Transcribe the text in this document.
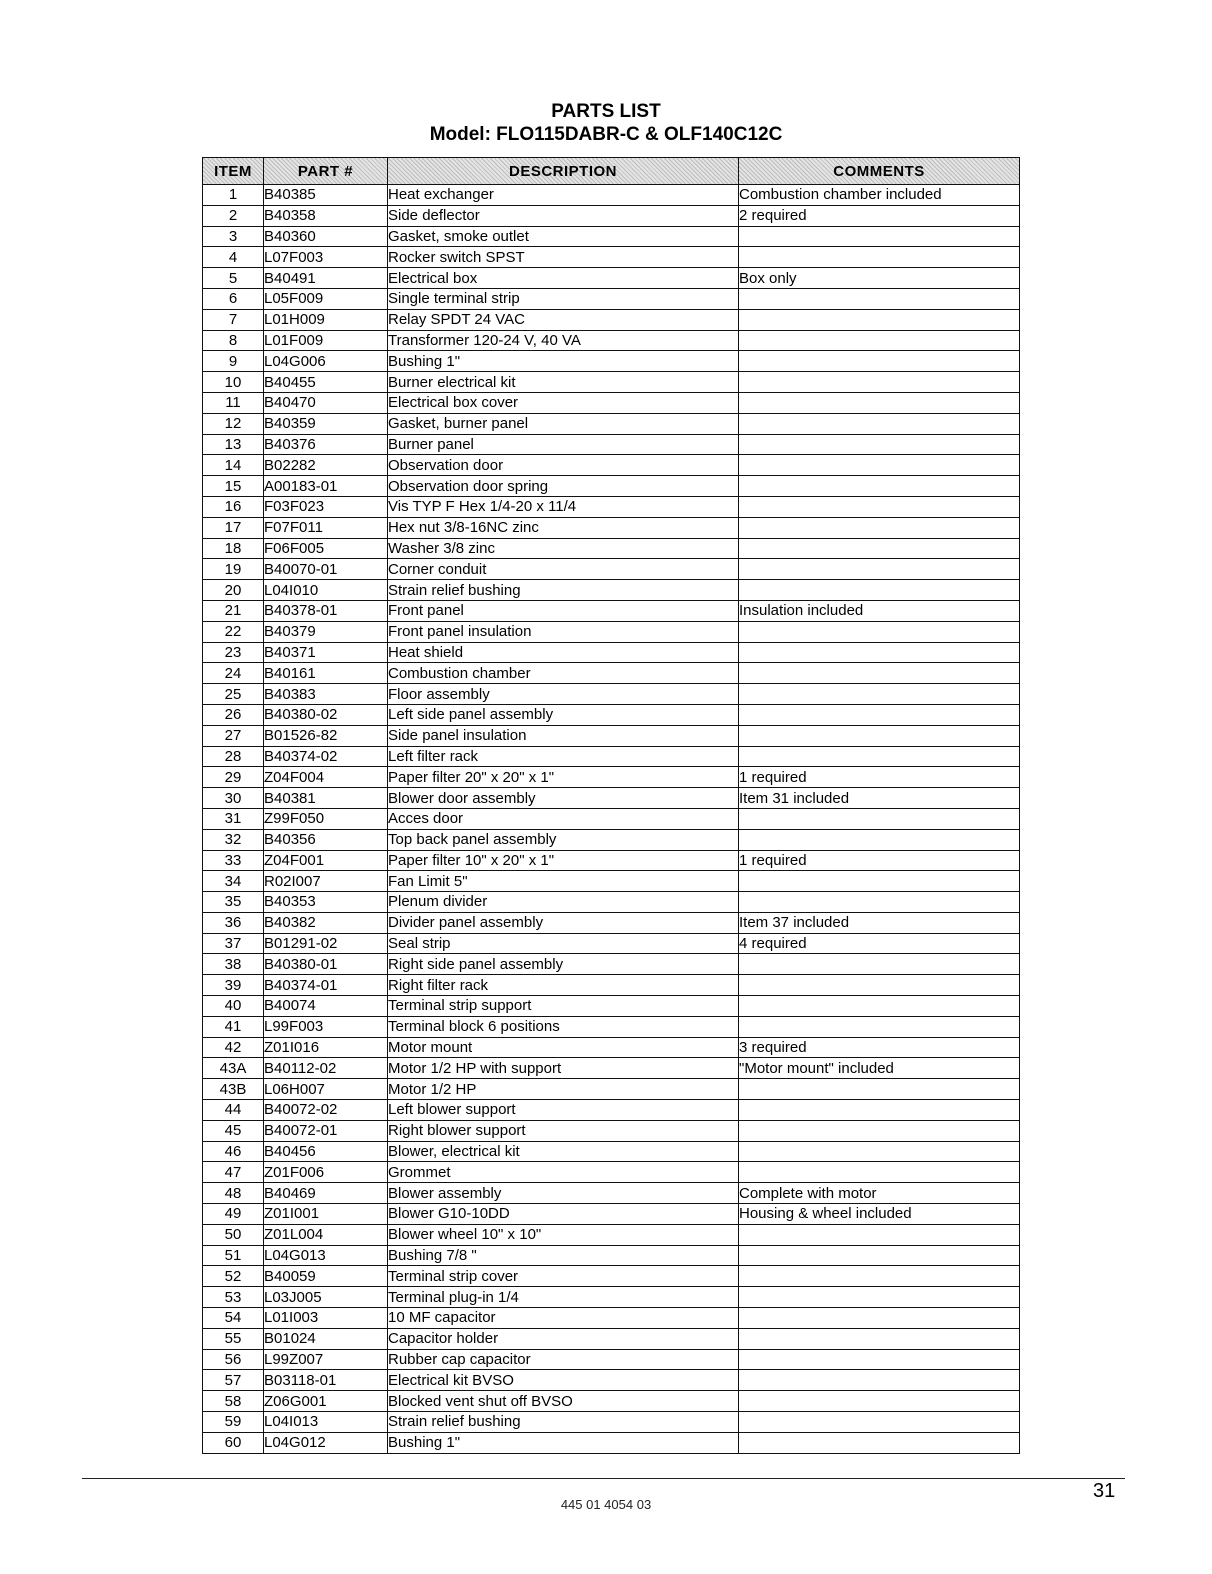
PARTS LIST
Model: FLO115DABR-C & OLF140C12C
ITEM	PART #	DESCRIPTION	COMMENTS
1	B40385	Heat exchanger	Combustion chamber included
2	B40358	Side deflector	2 required
3	B40360	Gasket, smoke outlet	
4	L07F003	Rocker switch SPST	
5	B40491	Electrical box	Box only
6	L05F009	Single terminal strip	
7	L01H009	Relay SPDT 24 VAC	
8	L01F009	Transformer 120-24 V, 40 VA	
9	L04G006	Bushing 1"	
10	B40455	Burner electrical kit	
11	B40470	Electrical box cover	
12	B40359	Gasket, burner panel	
13	B40376	Burner panel	
14	B02282	Observation door	
15	A00183-01	Observation door spring	
16	F03F023	Vis TYP F Hex 1/4-20 x 11/4	
17	F07F011	Hex nut 3/8-16NC zinc	
18	F06F005	Washer 3/8 zinc	
19	B40070-01	Corner conduit	
20	L04I010	Strain relief bushing	
21	B40378-01	Front panel	Insulation included
22	B40379	Front panel insulation	
23	B40371	Heat shield	
24	B40161	Combustion chamber	
25	B40383	Floor assembly	
26	B40380-02	Left side panel assembly	
27	B01526-82	Side panel insulation	
28	B40374-02	Left filter rack	
29	Z04F004	Paper filter 20" x 20" x 1"	1 required
30	B40381	Blower door assembly	Item 31 included
31	Z99F050	Acces door	
32	B40356	Top back panel assembly	
33	Z04F001	Paper filter 10" x 20" x 1"	1 required
34	R02I007	Fan Limit 5"	
35	B40353	Plenum divider	
36	B40382	Divider panel assembly	Item 37 included
37	B01291-02	Seal strip	4 required
38	B40380-01	Right side panel assembly	
39	B40374-01	Right filter rack	
40	B40074	Terminal strip support	
41	L99F003	Terminal block 6 positions	
42	Z01I016	Motor mount	3 required
43A	B40112-02	Motor 1/2 HP with support	"Motor mount" included
43B	L06H007	Motor 1/2 HP	
44	B40072-02	Left blower support	
45	B40072-01	Right blower support	
46	B40456	Blower, electrical kit	
47	Z01F006	Grommet	
48	B40469	Blower assembly	Complete with motor
49	Z01I001	Blower G10-10DD	Housing & wheel included
50	Z01L004	Blower wheel 10" x 10"	
51	L04G013	Bushing 7/8 "	
52	B40059	Terminal strip cover	
53	L03J005	Terminal plug-in 1/4	
54	L01I003	10 MF capacitor	
55	B01024	Capacitor holder	
56	L99Z007	Rubber cap capacitor	
57	B03118-01	Electrical kit BVSO	
58	Z06G001	Blocked vent shut off BVSO	
59	L04I013	Strain relief bushing	
60	L04G012	Bushing 1"	
445 01 4054 03
31
